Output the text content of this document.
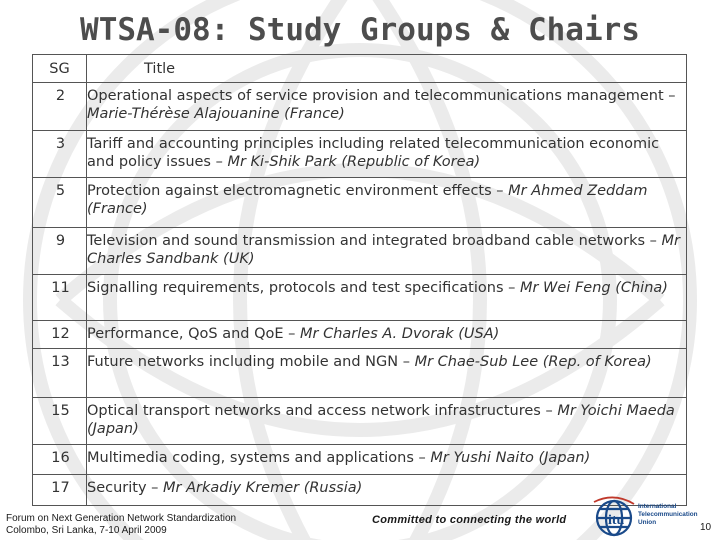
WTSA-08: Study Groups & Chairs
SG	Title

2	Operational aspects of service provision and telecommunications management – Marie-Thérèse Alajouanine (France)

3	Tariff and accounting principles including related telecommunication economic and policy issues – Mr Ki-Shik Park (Republic of Korea)

5	Protection against electromagnetic environment effects – Mr Ahmed Zeddam (France)

9	Television and sound transmission and integrated broadband cable networks – Mr Charles Sandbank (UK)

11	Signalling requirements, protocols and test specifications – Mr Wei Feng (China)

12	Performance, QoS and QoE – Mr Charles A. Dvorak (USA)

13	Future networks including mobile and NGN – Mr Chae-Sub Lee (Rep. of Korea)

15	Optical transport networks and access network infrastructures – Mr Yoichi Maeda (Japan)

16	Multimedia coding, systems and applications – Mr Yushi Naito (Japan)

17	Security – Mr Arkadiy Kremer (Russia)
Forum on Next Generation Network Standardization
Colombo, Sri Lanka, 7-10 April 2009
Committed to connecting the world	itu
International
Telecommunication
Union	10
